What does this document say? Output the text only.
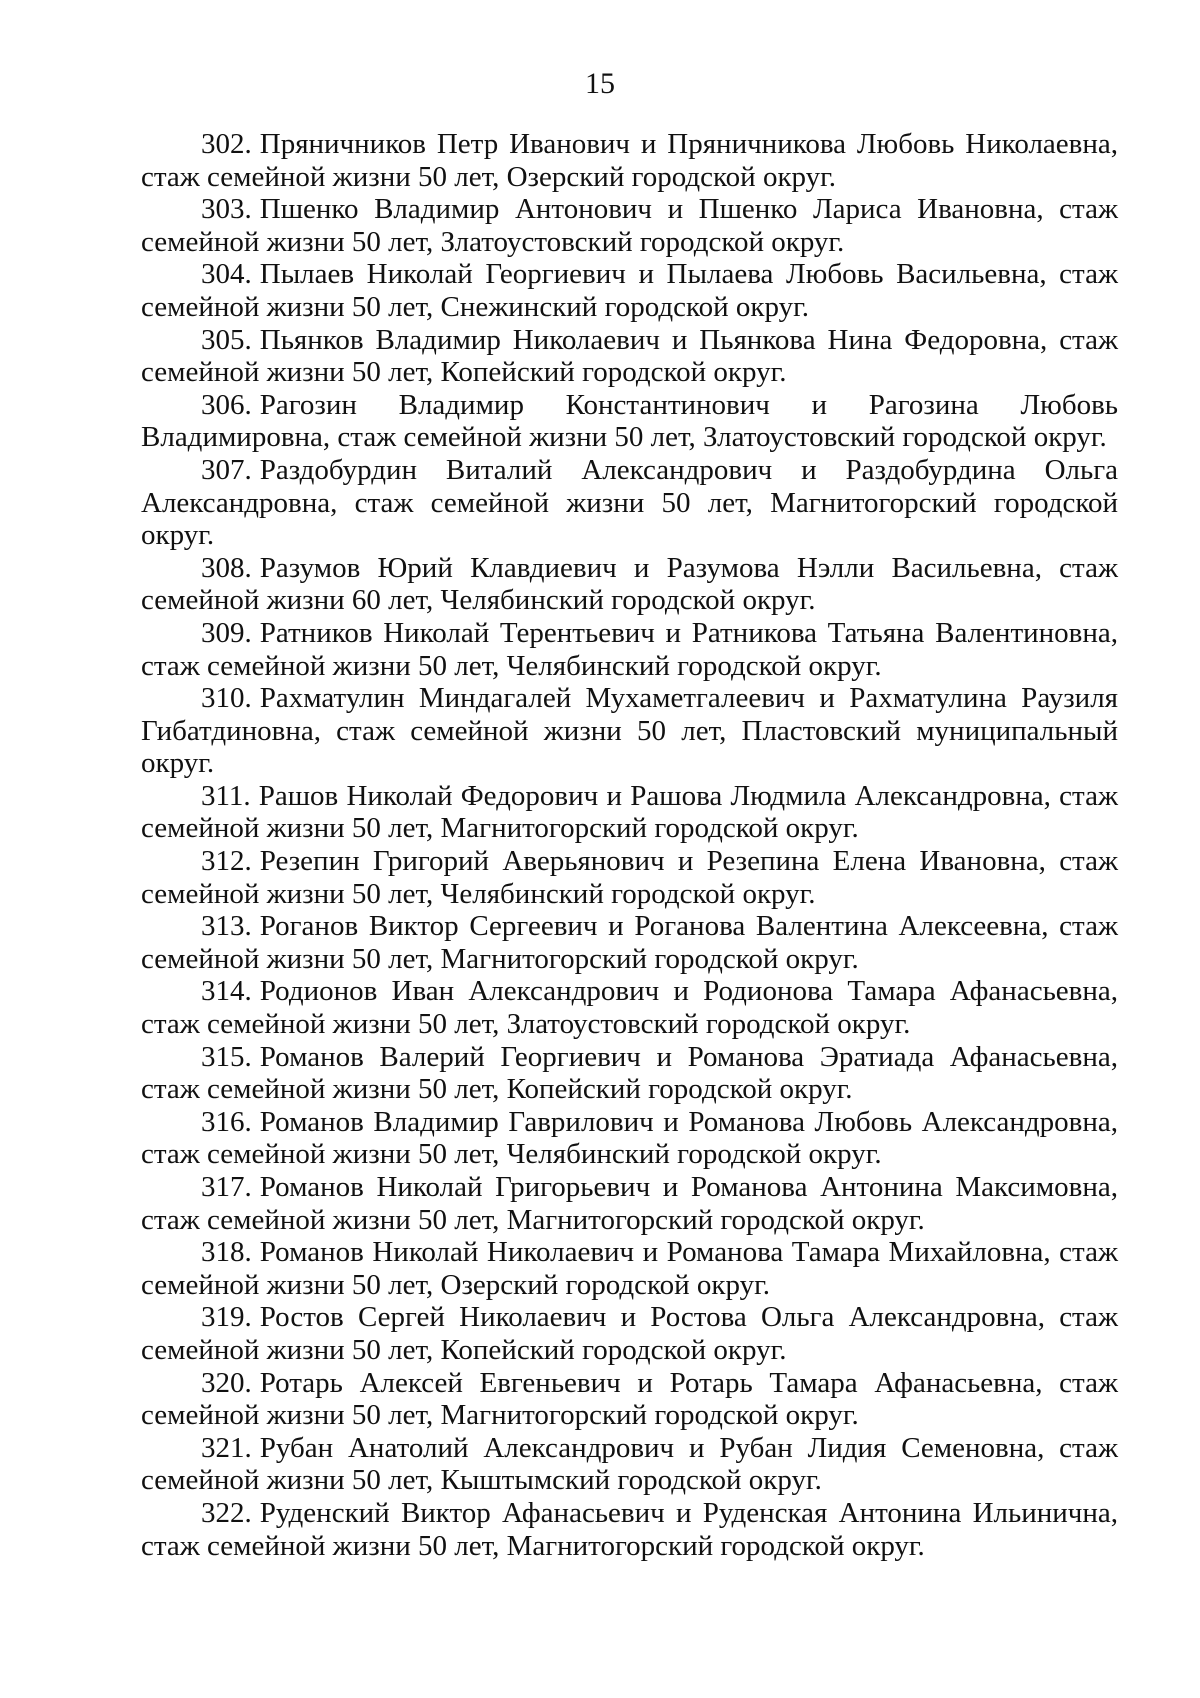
15

302. Пряничников Петр Иванович и Пряничникова Любовь Николаевна, стаж семейной жизни 50 лет, Озерский городской округ.

303. Пшенко Владимир Антонович и Пшенко Лариса Ивановна, стаж семейной жизни 50 лет, Златоустовский городской округ.

304. Пылаев Николай Георгиевич и Пылаева Любовь Васильевна, стаж семейной жизни 50 лет, Снежинский городской округ.

305. Пьянков Владимир Николаевич и Пьянкова Нина Федоровна, стаж семейной жизни 50 лет, Копейский городской округ.

306. Рагозин Владимир Константинович и Рагозина Любовь Владимировна, стаж семейной жизни 50 лет, Златоустовский городской округ.

307. Раздобурдин Виталий Александрович и Раздобурдина Ольга Александровна, стаж семейной жизни 50 лет, Магнитогорский городской округ.

308. Разумов Юрий Клавдиевич и Разумова Нэлли Васильевна, стаж семейной жизни 60 лет, Челябинский городской округ.

309. Ратников Николай Терентьевич и Ратникова Татьяна Валентиновна, стаж семейной жизни 50 лет, Челябинский городской округ.

310. Рахматулин Миндагалей Мухаметгалеевич и Рахматулина Раузиля Гибатдиновна, стаж семейной жизни 50 лет, Пластовский муниципальный округ.

311. Рашов Николай Федорович и Рашова Людмила Александровна, стаж семейной жизни 50 лет, Магнитогорский городской округ.

312. Резепин Григорий Аверьянович и Резепина Елена Ивановна, стаж семейной жизни 50 лет, Челябинский городской округ.

313. Роганов Виктор Сергеевич и Роганова Валентина Алексеевна, стаж семейной жизни 50 лет, Магнитогорский городской округ.

314. Родионов Иван Александрович и Родионова Тамара Афанасьевна, стаж семейной жизни 50 лет, Златоустовский городской округ.

315. Романов Валерий Георгиевич и Романова Эратиада Афанасьевна, стаж семейной жизни 50 лет, Копейский городской округ.

316. Романов Владимир Гаврилович и Романова Любовь Александровна, стаж семейной жизни 50 лет, Челябинский городской округ.

317. Романов Николай Григорьевич и Романова Антонина Максимовна, стаж семейной жизни 50 лет, Магнитогорский городской округ.

318. Романов Николай Николаевич и Романова Тамара Михайловна, стаж семейной жизни 50 лет, Озерский городской округ.

319. Ростов Сергей Николаевич и Ростова Ольга Александровна, стаж семейной жизни 50 лет, Копейский городской округ.

320. Ротарь Алексей Евгеньевич и Ротарь Тамара Афанасьевна, стаж семейной жизни 50 лет, Магнитогорский городской округ.

321. Рубан Анатолий Александрович и Рубан Лидия Семеновна, стаж семейной жизни 50 лет, Кыштымский городской округ.

322. Руденский Виктор Афанасьевич и Руденская Антонина Ильинична, стаж семейной жизни 50 лет, Магнитогорский городской округ.
